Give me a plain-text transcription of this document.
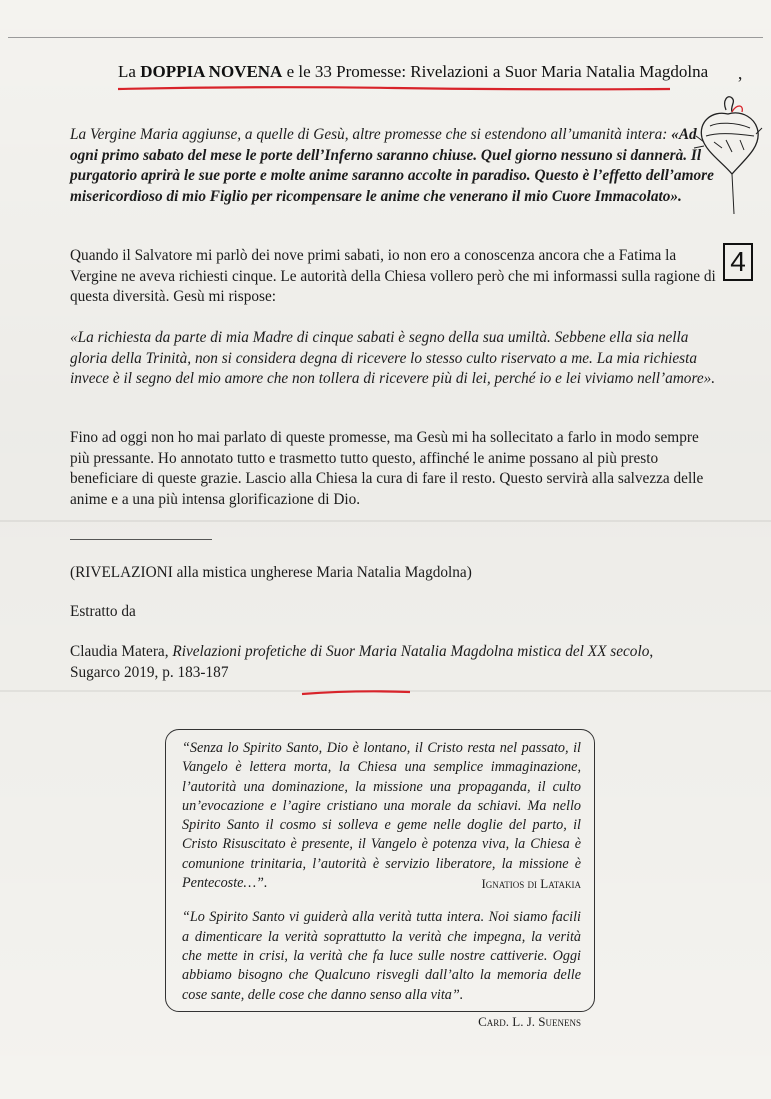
La DOPPIA NOVENA e le 33 Promesse: Rivelazioni a Suor Maria Natalia Magdolna
’
4

La Vergine Maria aggiunse, a quelle di Gesù, altre promesse che si estendono all’umanità intera: «Ad ogni primo sabato del mese le porte dell’Inferno saranno chiuse. Quel giorno nessuno si dannerà. Il purgatorio aprirà le sue porte e molte anime saranno accolte in paradiso. Questo è l’effetto dell’amore misericordioso di mio Figlio per ricompensare le anime che venerano il mio Cuore Immacolato».

Quando il Salvatore mi parlò dei nove primi sabati, io non ero a conoscenza ancora che a Fatima la Vergine ne aveva richiesti cinque. Le autorità della Chiesa vollero però che mi informassi sulla ragione di questa diversità. Gesù mi rispose:

«La richiesta da parte di mia Madre di cinque sabati è segno della sua umiltà. Sebbene ella sia nella gloria della Trinità, non si considera degna di ricevere lo stesso culto riservato a me. La mia richiesta invece è il segno del mio amore che non tollera di ricevere più di lei, perché io e lei viviamo nell’amore».

Fino ad oggi non ho mai parlato di queste promesse, ma Gesù mi ha sollecitato a farlo in modo sempre più pressante. Ho annotato tutto e trasmetto tutto questo, affinché le anime possano al più presto beneficiare di queste grazie. Lascio alla Chiesa la cura di fare il resto. Questo servirà alla salvezza delle anime e a una più intensa glorificazione di Dio.

(RIVELAZIONI alla mistica ungherese Maria Natalia Magdolna)

Estratto da

Claudia Matera, Rivelazioni profetiche di Suor Maria Natalia Magdolna mistica del XX secolo, Sugarco 2019, p. 183-187

“Senza lo Spirito Santo, Dio è lontano, il Cristo resta nel passato, il Vangelo è lettera morta, la Chiesa una semplice immaginazione, l’autorità una dominazione, la missione una propaganda, il culto un’evocazione e l’agire cristiano una morale da schiavi. Ma nello Spirito Santo il cosmo si solleva e geme nelle doglie del parto, il Cristo Risuscitato è presente, il Vangelo è potenza viva, la Chiesa è comunione trinitaria, l’autorità è servizio liberatore, la missione è Pentecoste…”.	Ignatios di Latakia

“Lo Spirito Santo vi guiderà alla verità tutta intera. Noi siamo facili a dimenticare la verità soprattutto la verità che impegna, la verità che mette in crisi, la verità che fa luce sulle nostre cattiverie. Oggi abbiamo bisogno che Qualcuno risvegli dall’alto la memoria delle cose sante, delle cose che danno senso alla vita”.
Card. L. J. Suenens
